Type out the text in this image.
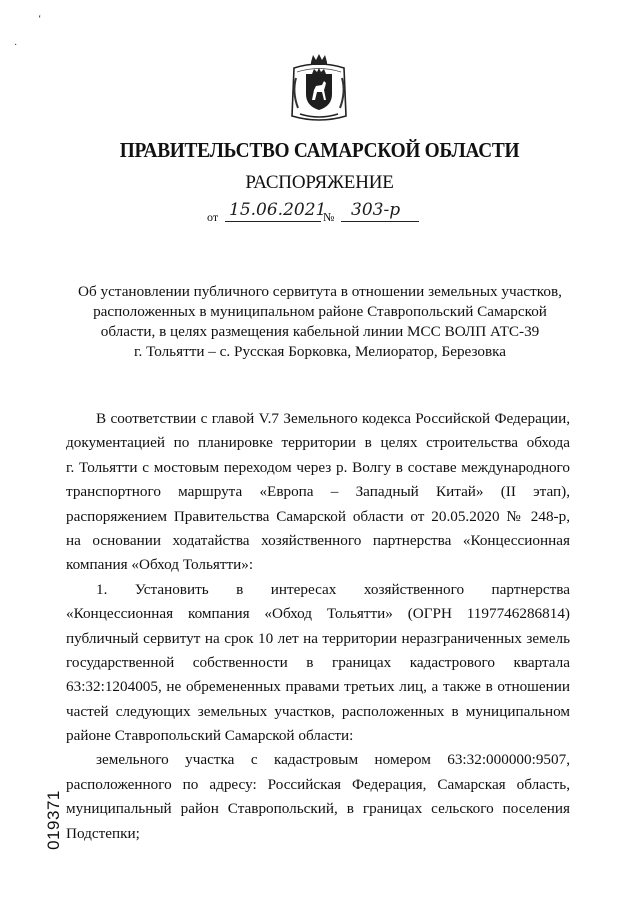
ПРАВИТЕЛЬСТВО САМАРСКОЙ ОБЛАСТИ
РАСПОРЯЖЕНИЕ
от 15.06.2021
№ 303-р
Об установлении публичного сервитута в отношении земельных участков,
расположенных в муниципальном районе Ставропольский Самарской
области, в целях размещения кабельной линии МСС ВОЛП АТС-39
г. Тольятти – с. Русская Борковка, Мелиоратор, Березовка
В соответствии с главой V.7 Земельного кодекса Российской Федерации,
документацией по планировке территории в целях строительства обхода
г. Тольятти с мостовым переходом через р. Волгу в составе международного
транспортного маршрута «Европа – Западный Китай» (II этап),
распоряжением Правительства Самарской области от 20.05.2020 № 248-р,
на основании ходатайства хозяйственного партнерства «Концессионная
компания «Обход Тольятти»:
1. Установить в интересах хозяйственного партнерства
«Концессионная компания «Обход Тольятти» (ОГРН 1197746286814)
публичный сервитут на срок 10 лет на территории неразграниченных земель
государственной собственности в границах кадастрового квартала
63:32:1204005, не обремененных правами третьих лиц, а также в отношении
частей следующих земельных участков, расположенных в муниципальном
районе Ставропольский Самарской области:
земельного участка с кадастровым номером 63:32:000000:9507,
расположенного по адресу: Российская Федерация, Самарская область,
муниципальный район Ставропольский, в границах сельского поселения
Подстепки;
019371
‘
·
